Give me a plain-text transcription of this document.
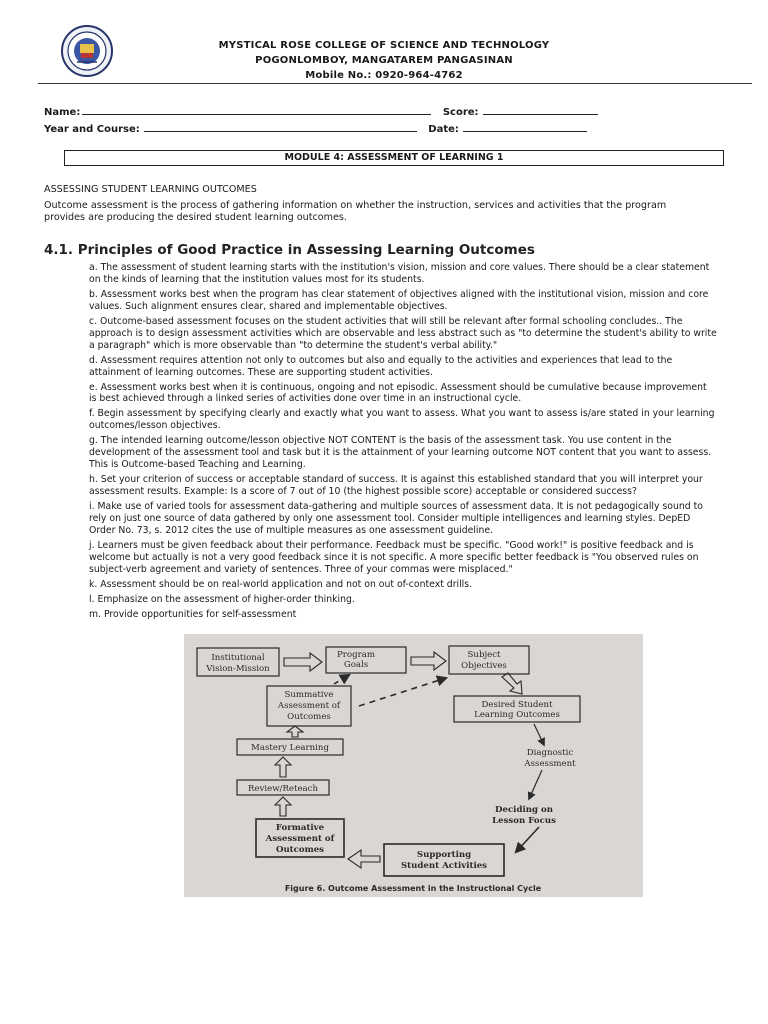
MYSTICAL ROSE COLLEGE OF SCIENCE AND TECHNOLOGY
POGONLOMBOY, MANGATAREM PANGASINAN
Mobile No.: 0920-964-4762
Name:	Score:
Year and Course:	Date:
MODULE 4: ASSESSMENT OF LEARNING 1

ASSESSING STUDENT LEARNING OUTCOMES

Outcome assessment is the process of gathering information on whether the instruction, services and activities that the program provides are producing the desired student learning outcomes.

4.1. Principles of Good Practice in Assessing Learning Outcomes
a. The assessment of student learning starts with the institution's vision, mission and core values. There should be a clear statement on the kinds of learning that the institution values most for its students.
b. Assessment works best when the program has clear statement of objectives aligned with the institutional vision, mission and core values. Such alignment ensures clear, shared and implementable objectives.
c. Outcome-based assessment focuses on the student activities that will still be relevant after formal schooling concludes.. The approach is to design assessment activities which are observable and less abstract such as "to determine the student's ability to write a paragraph" which is more observable than "to determine the student's verbal ability."
d. Assessment requires attention not only to outcomes but also and equally to the activities and experiences that lead to the attainment of learning outcomes. These are supporting student activities.
e. Assessment works best when it is continuous, ongoing and not episodic. Assessment should be cumulative because improvement is best achieved through a linked series of activities done over time in an instructional cycle.
f. Begin assessment by specifying clearly and exactly what you want to assess. What you want to assess is/are stated in your learning outcomes/lesson objectives.
g. The intended learning outcome/lesson objective NOT CONTENT is the basis of the assessment task. You use content in the development of the assessment tool and task but it is the attainment of your learning outcome NOT content that you want to assess. This is Outcome-based Teaching and Learning.
h. Set your criterion of success or acceptable standard of success. It is against this established standard that you will interpret your assessment results. Example: Is a score of 7 out of 10 (the highest possible score) acceptable or considered success?
i. Make use of varied tools for assessment data-gathering and multiple sources of assessment data. It is not pedagogically sound to rely on just one source of data gathered by only one assessment tool. Consider multiple intelligences and learning styles. DepED Order No. 73, s. 2012 cites the use of multiple measures as one assessment guideline.
j. Learners must be given feedback about their performance. Feedback must be specific. "Good work!" is positive feedback and is welcome but actually is not a very good feedback since it is not specific. A more specific better feedback is "You observed rules on subject-verb agreement and variety of sentences. Three of your commas were misplaced."
k. Assessment should be on real-world application and not on out of-context drills.
l. Emphasize on the assessment of higher-order thinking.
m. Provide opportunities for self-assessment
Institutional Vision-Mission
Program Goals
Subject Objectives
Summative Assessment of Outcomes
Desired Student Learning Outcomes
Mastery Learning	Diagnostic Assessment
Review/Reteach
Deciding on Lesson Focus
Formative Assessment of Outcomes	Supporting Student Activities
Figure 6. Outcome Assessment in the Instructional Cycle
